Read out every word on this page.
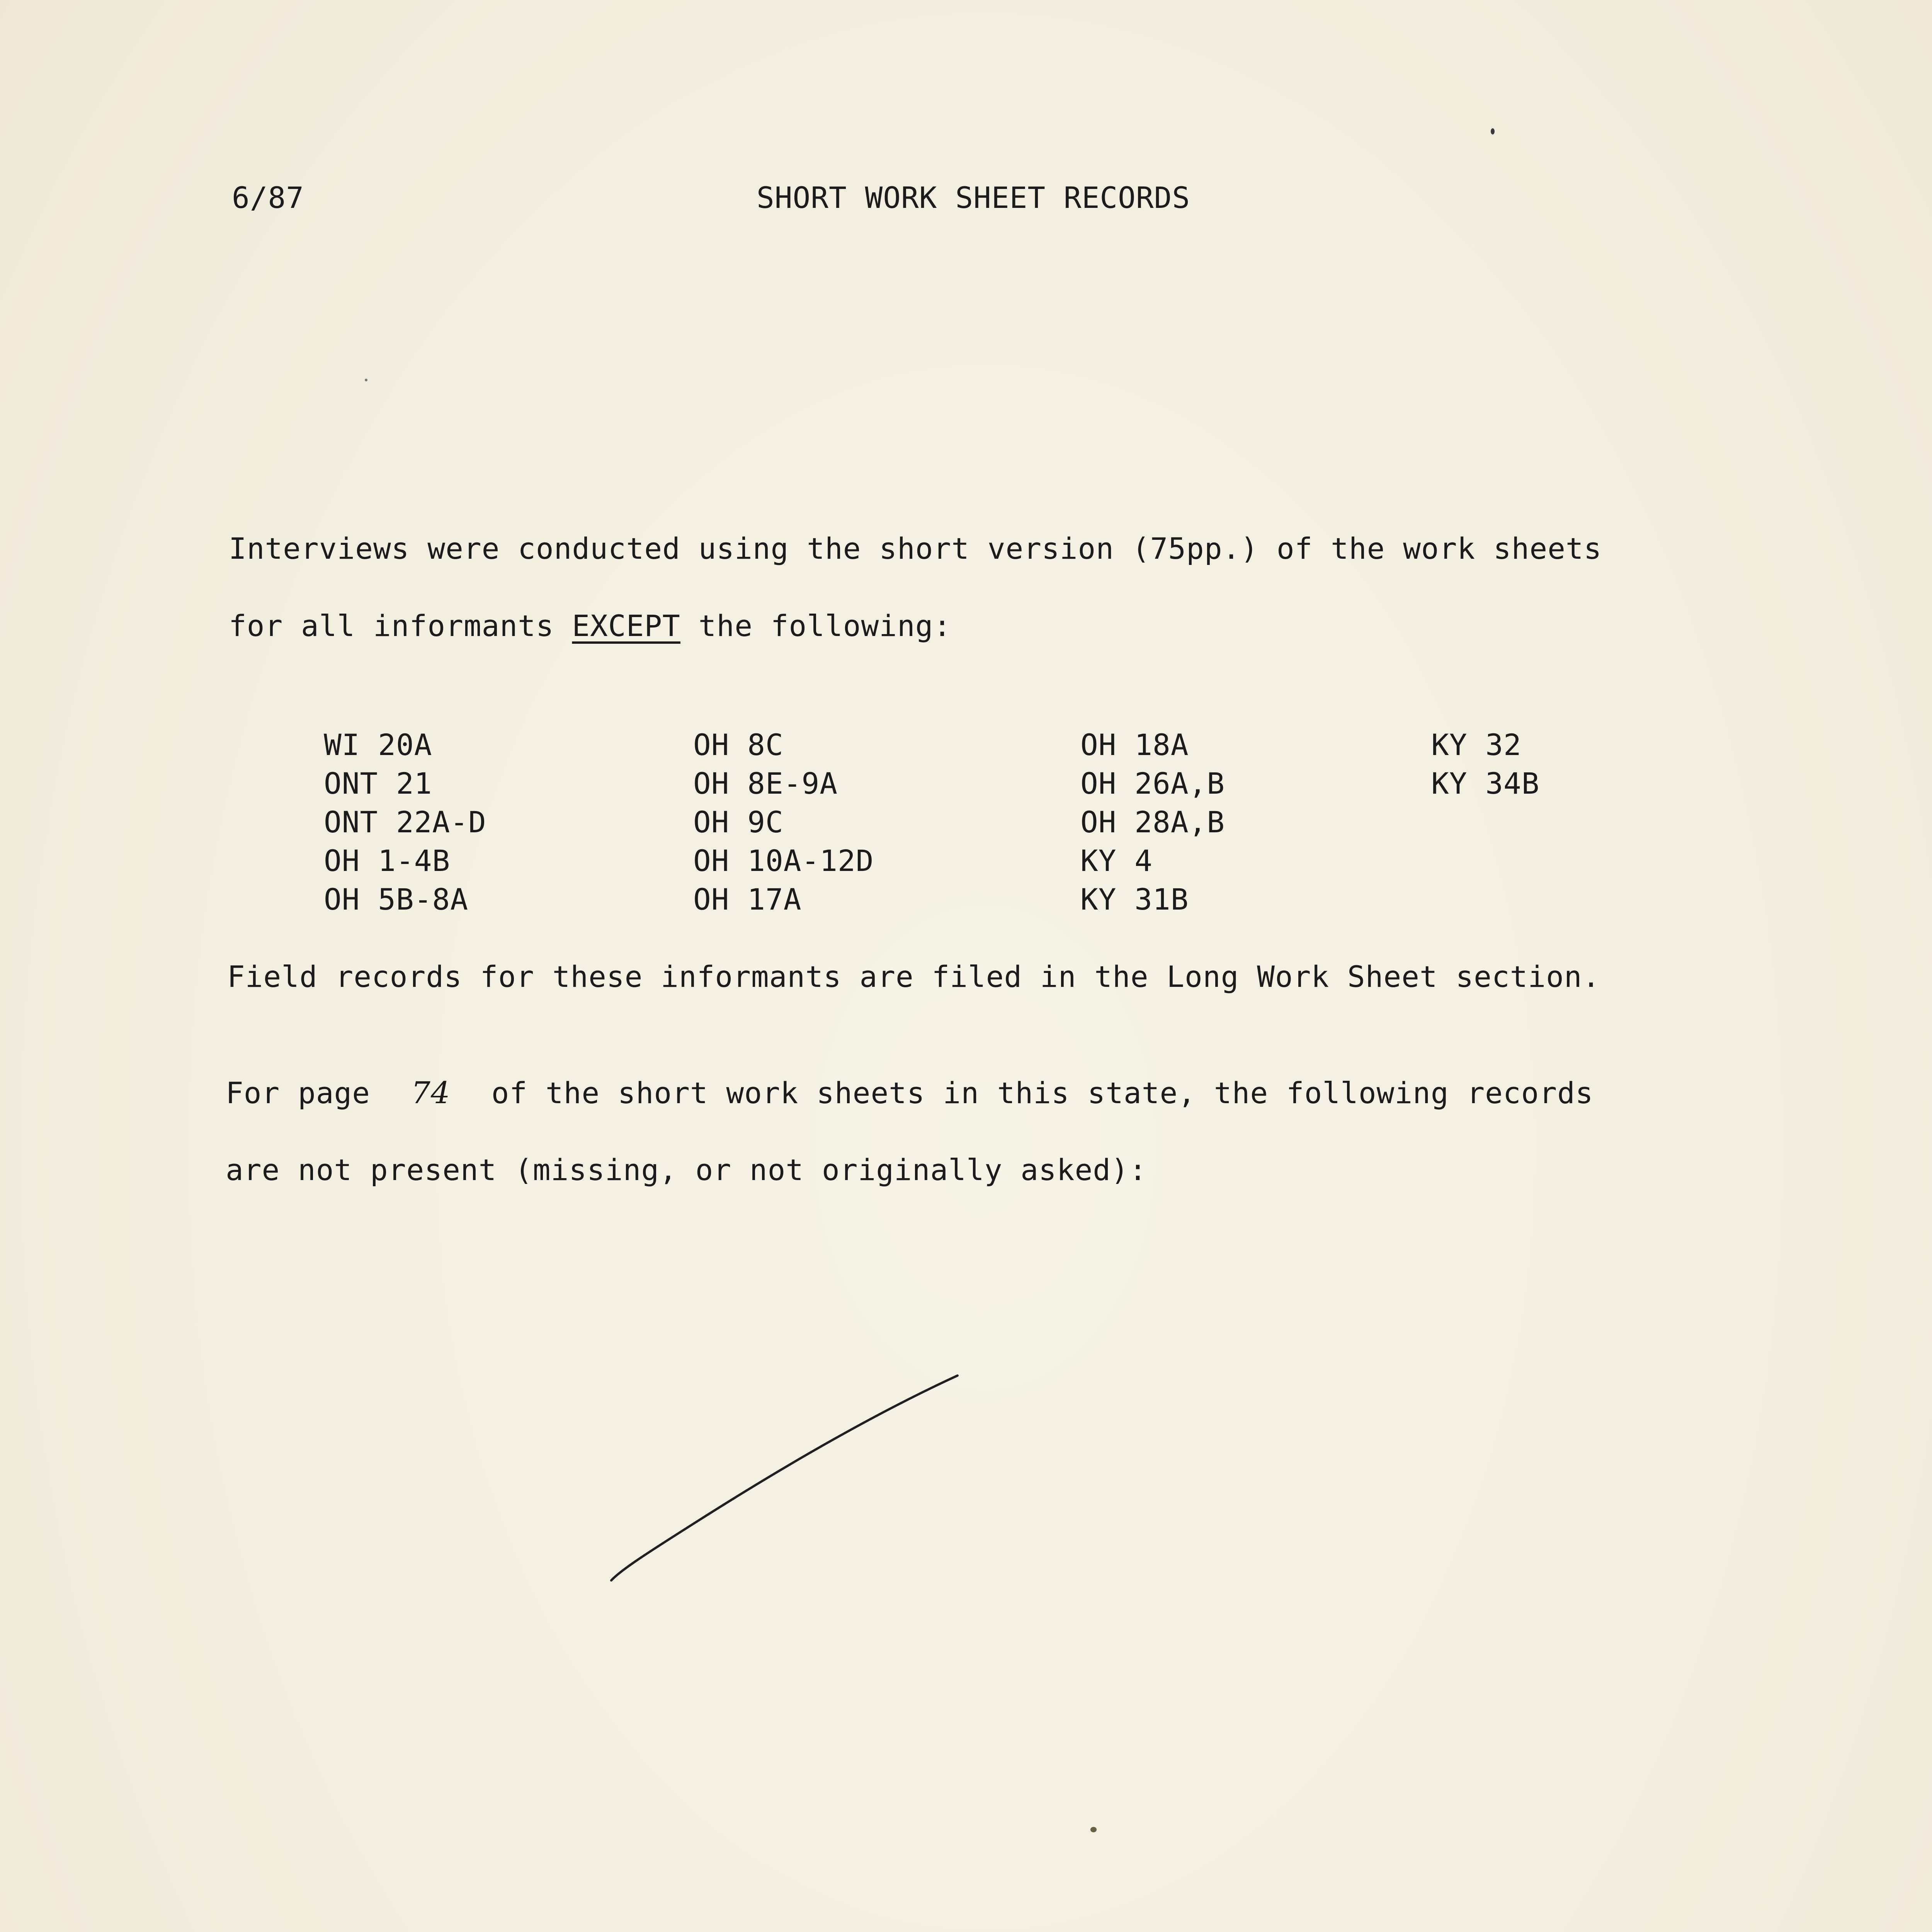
6/87	SHORT WORK SHEET RECORDS
Interviews were conducted using the short version (75pp.) of the work sheets
for all informants EXCEPT the following:
WI 20A
ONT 21
ONT 22A-D
OH 1-4B
OH 5B-8A
OH 8C
OH 8E-9A
OH 9C
OH 10A-12D
OH 17A
OH 18A
OH 26A,B
OH 28A,B
KY 4
KY 31B
KY 32
KY 34B
Field records for these informants are filed in the Long Work Sheet section.
For page 74 of the short work sheets in this state, the following records
are not present (missing, or not originally asked):
